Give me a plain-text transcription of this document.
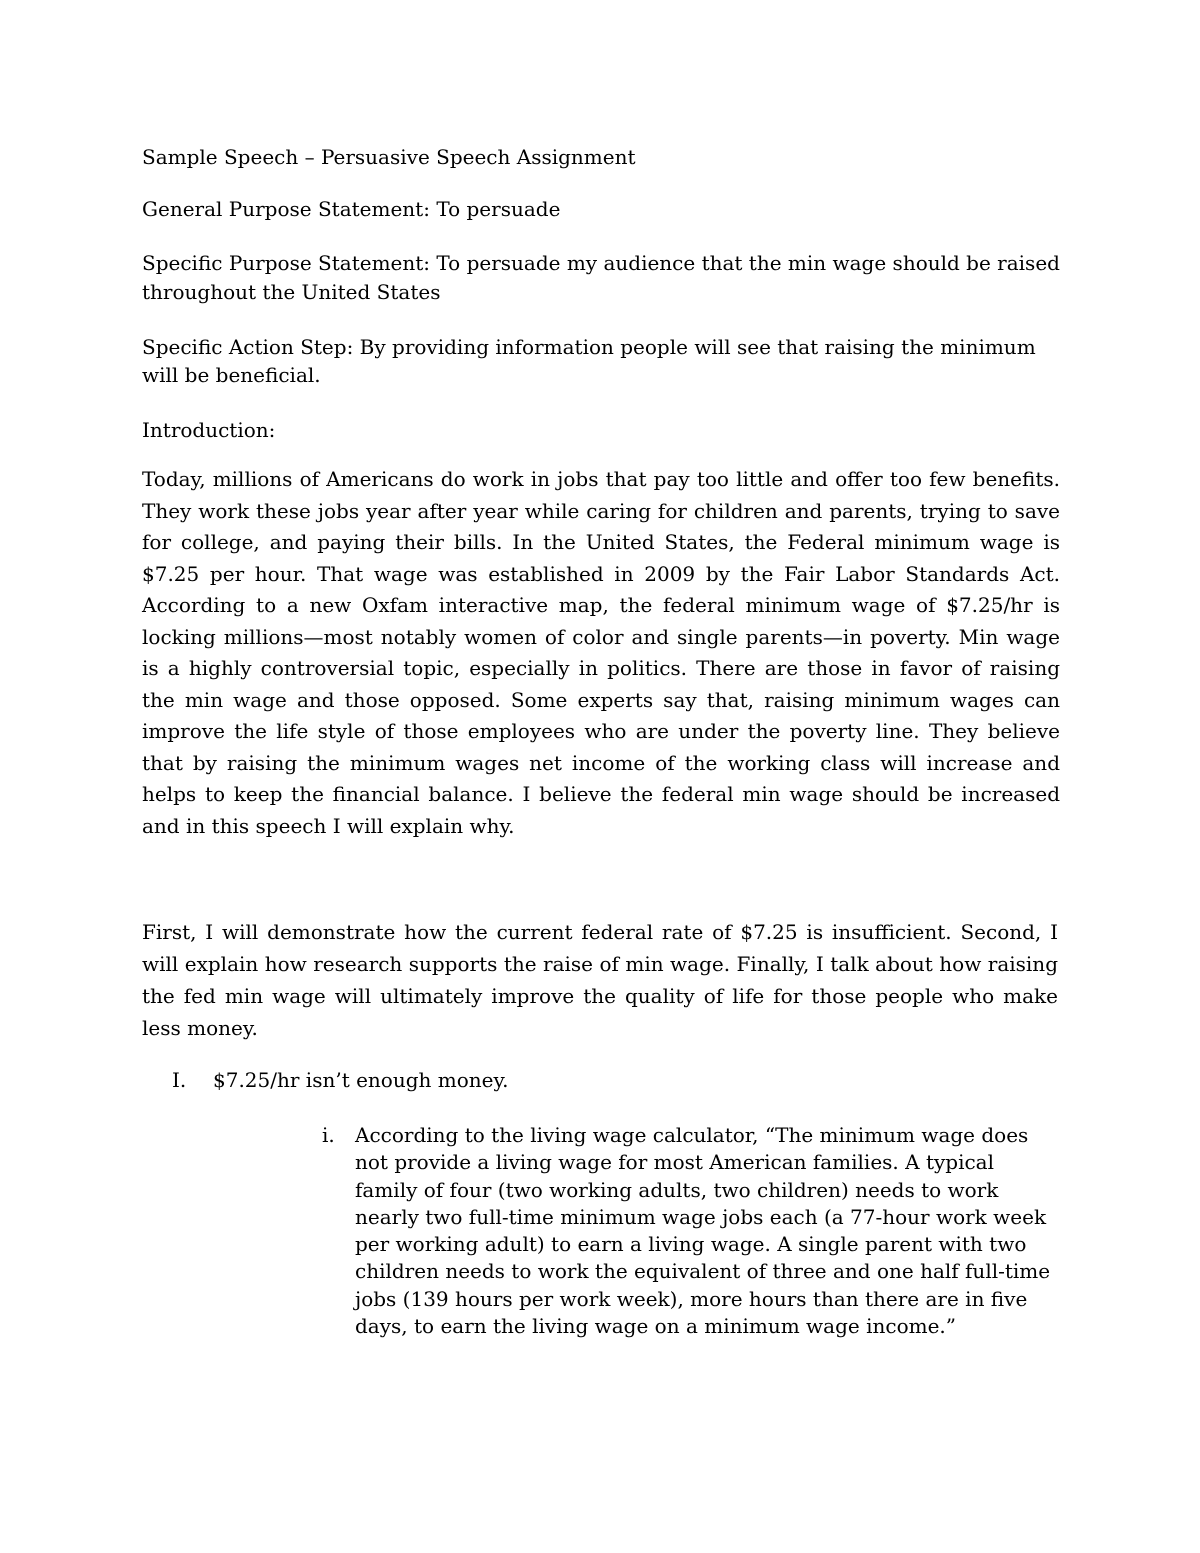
Sample Speech – Persuasive Speech Assignment
General Purpose Statement: To persuade
Specific Purpose Statement: To persuade my audience that the min wage should be raised
throughout the United States
Specific Action Step: By providing information people will see that raising the minimum
will be beneficial.
Introduction:
Today, millions of Americans do work in jobs that pay too little and offer too few benefits. They work these jobs year after year while caring for children and parents, trying to save for college, and paying their bills. In the United States, the Federal minimum wage is $7.25 per hour. That wage was established in 2009 by the Fair Labor Standards Act. According to a new Oxfam interactive map, the federal minimum wage of $7.25/hr is locking millions—most notably women of color and single parents—in poverty. Min wage is a highly controversial topic, especially in politics. There are those in favor of raising the min wage and those opposed. Some experts say that, raising minimum wages can improve the life style of those employees who are under the poverty line. They believe that by raising the minimum wages net income of the working class will increase and helps to keep the financial balance. I believe the federal min wage should be increased and in this speech I will explain why.
First, I will demonstrate how the current federal rate of $7.25 is insufficient. Second, I will explain how research supports the raise of min wage. Finally, I talk about how raising the fed min wage will ultimately improve the quality of life for those people who make less money.
I. $7.25/hr isn’t enough money.
i. According to the living wage calculator, “The minimum wage does not provide a living wage for most American families. A typical family of four (two working adults, two children) needs to work nearly two full-time minimum wage jobs each (a 77-hour work week per working adult) to earn a living wage. A single parent with two children needs to work the equivalent of three and one half full-time jobs (139 hours per work week), more hours than there are in five days, to earn the living wage on a minimum wage income.”
